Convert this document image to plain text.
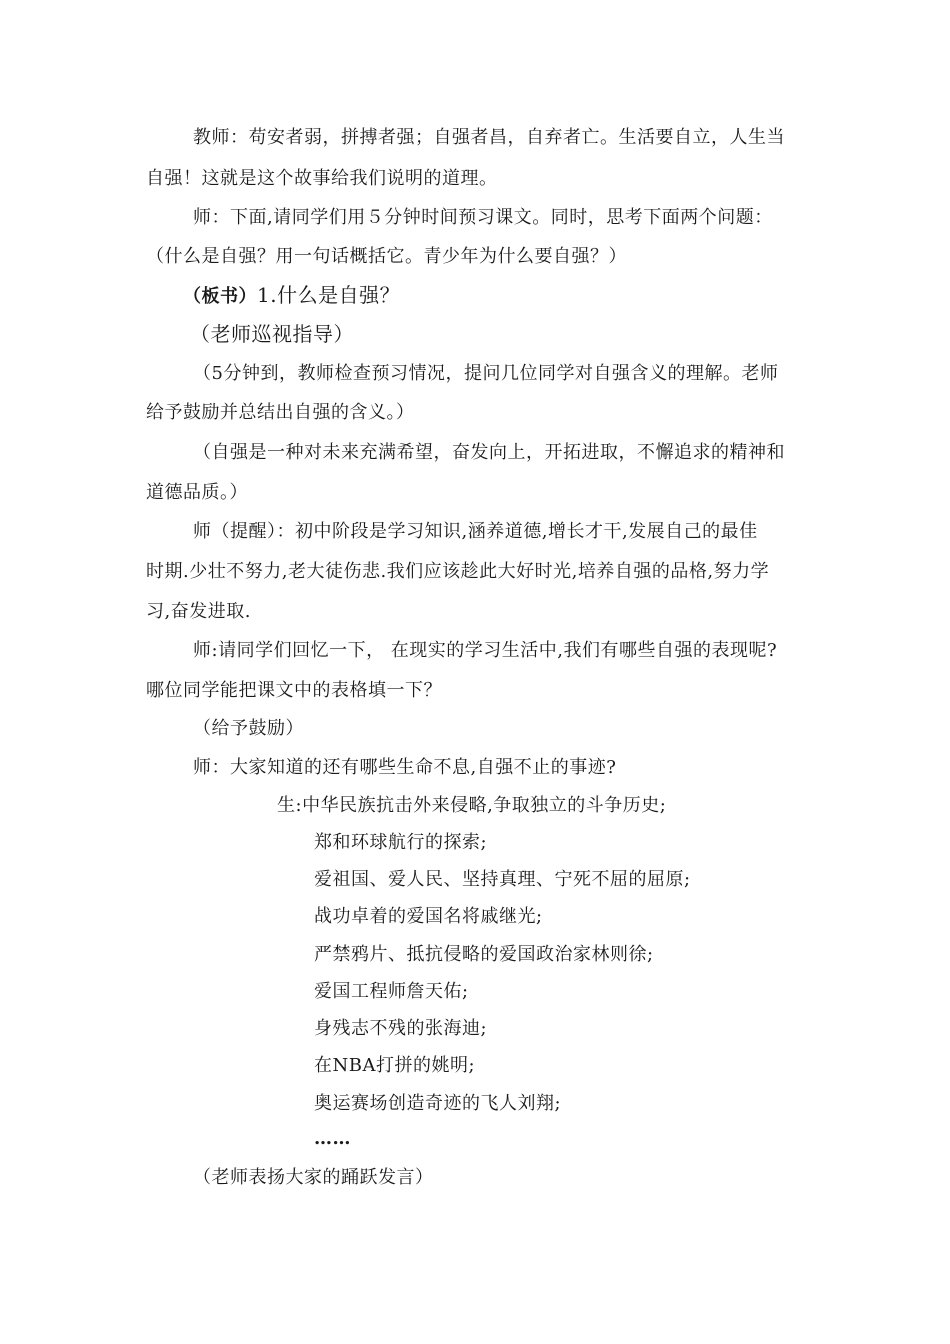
教师：苟安者弱，拼搏者强；自强者昌，自弃者亡。生活要自立，人生当
自强！这就是这个故事给我们说明的道理。
师：下面,请同学们用５分钟时间预习课文。同时，思考下面两个问题：
（什么是自强？用一句话概括它。青少年为什么要自强？）
（板书）1.什么是自强？
（老师巡视指导）
（5分钟到，教师检查预习情况，提问几位同学对自强含义的理解。老师
给予鼓励并总结出自强的含义。）
（自强是一种对未来充满希望，奋发向上，开拓进取，不懈追求的精神和
道德品质。）
师（提醒）：初中阶段是学习知识,涵养道德,增长才干,发展自己的最佳
时期.少壮不努力,老大徒伤悲.我们应该趁此大好时光,培养自强的品格,努力学
习,奋发进取.
师:请同学们回忆一下， 在现实的学习生活中,我们有哪些自强的表现呢?
哪位同学能把课文中的表格填一下？
（给予鼓励）
师：大家知道的还有哪些生命不息,自强不止的事迹?
生:中华民族抗击外来侵略,争取独立的斗争历史;
郑和环球航行的探索;
爱祖国、爱人民、坚持真理、宁死不屈的屈原;
战功卓着的爱国名将戚继光;
严禁鸦片、抵抗侵略的爱国政治家林则徐;
爱国工程师詹天佑;
身残志不残的张海迪;
在NBA打拼的姚明;
奥运赛场创造奇迹的飞人刘翔;
……
（老师表扬大家的踊跃发言）
